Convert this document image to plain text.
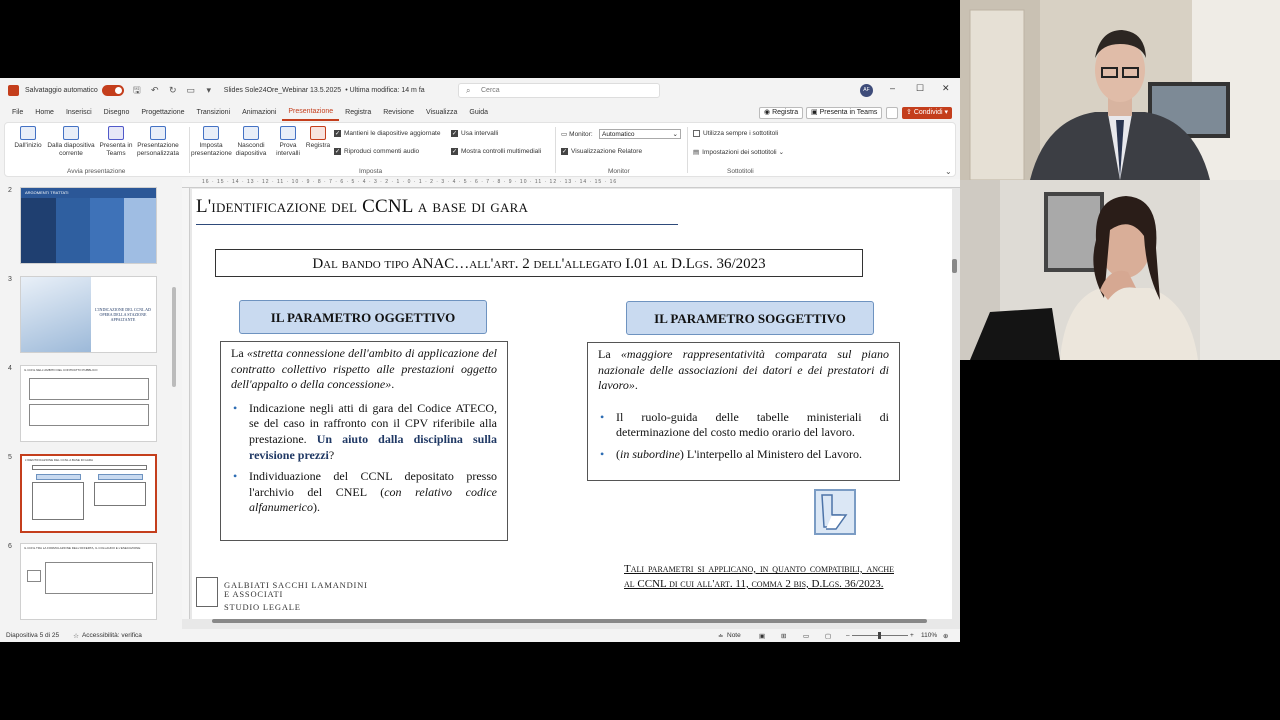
Salvataggio automatico	🖫 ↶ ↻ ▭	▾	Slides Sole24Ore_Webinar 13.5.2025 • Ultima modifica: 14 m fa	⌕ Cerca	AF	– ☐ ✕
File	Home	Inserisci	Disegno	Progettazione	Transizioni	Animazioni	Presentazione	Registra	Revisione	Visualizza	Guida	◉ Registra	▣ Presenta in Teams	⇪ Condividi ▾
Dall'inizio Dalla diapositiva corrente
Presenta in Teams
Presentazione personalizzata
Avvia presentazione
Imposta presentazione
Nascondi diapositiva
Prova intervalli
Registra
✓ Mantieni le diapositive aggiornate
✓ Riproduci commenti audio
✓ Usa intervalli
✓ Mostra controlli multimediali
Imposta
▭ Monitor:	Automatico	⌄
✓ Visualizzazione Relatore
Monitor
Utilizza sempre i sottotitoli
▤ Impostazioni dei sottotitoli ⌄
Sottotitoli	⌄
2	ARGOMENTI TRATTATI
3
L'INDICAZIONE DEL CCNL AD OPERA DELLA STAZIONE APPALTANTE
4	IL CCNL NELL'AMBITO DEL CONTRATTO PUBBLICO
5	L'IDENTIFICAZIONE DEL CCNL A BASE DI GARA
6	IL CCNL TRA LA FORMULAZIONE DELL'OFFERTA, IL COLLAUDO E L'ESECUZIONE
16 · 15 · 14 · 13 · 12 · 11 · 10 · 9 · 8 · 7 · 6 · 5 · 4 · 3 · 2 · 1 · 0 · 1 · 2 · 3 · 4 · 5 · 6 · 7 · 8 · 9 · 10 · 11 · 12 · 13 · 14 · 15 · 16
L'identificazione del CCNL a base di gara
Dal bando tipo ANAC…all'art. 2 dell'allegato I.01 al D.Lgs. 36/2023
IL PARAMETRO OGGETTIVO

La «stretta connessione dell'ambito di applicazione del contratto collettivo rispetto alle prestazioni oggetto dell'appalto o della concessione».

• Indicazione negli atti di gara del Codice ATECO, se del caso in raffronto con il CPV riferibile alla prestazione. Un aiuto dalla disciplina sulla revisione prezzi?
• Individuazione del CCNL depositato presso l'archivio del CNEL (con relativo codice alfanumerico).
IL PARAMETRO SOGGETTIVO

La «maggiore rappresentatività comparata sul piano nazionale delle associazioni dei datori e dei prestatori di lavoro».

• Il ruolo-guida delle tabelle ministeriali di determinazione del costo medio orario del lavoro.
• (in subordine) L'interpello al Ministero del Lavoro.
Tali parametri si applicano, in quanto compatibili, anche al CCNL di cui all'art. 11, comma 2 bis, D.Lgs. 36/2023.
GALBIATI SACCHI LAMANDINI
E ASSOCIATI
STUDIO LEGALE
Diapositiva 5 di 25 ☆ Accessibilità: verifica	≐ Note	▣ ⊞	▭ ▢ –	+ 110% ⊕
